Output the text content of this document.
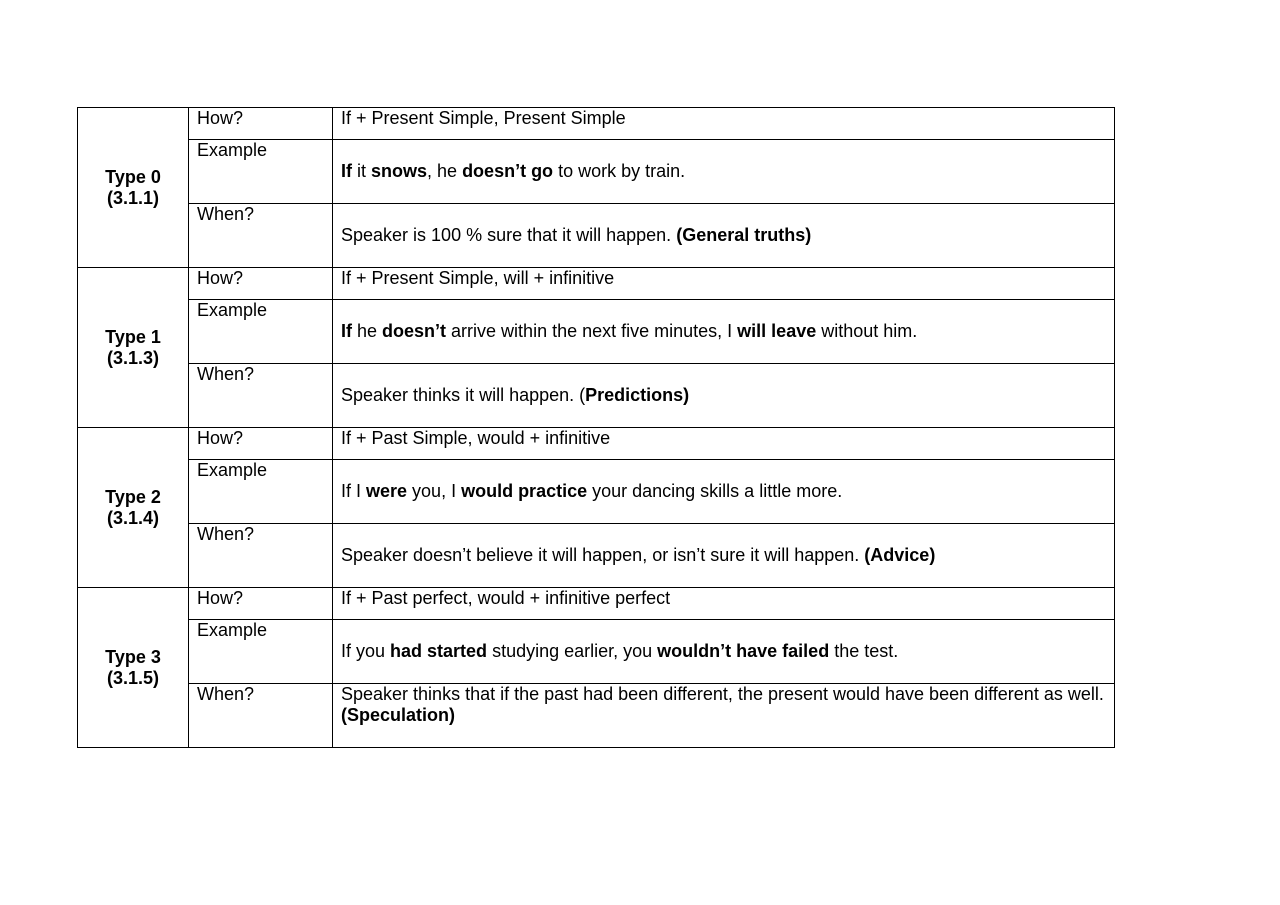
Type 0
(3.1.1)	How?	If + Present Simple, Present Simple
	Example	If it snows, he doesn’t go to work by train.
	When?	Speaker is 100 % sure that it will happen. (General truths)

Type 1
(3.1.3)	How?	If + Present Simple, will + infinitive
	Example	If he doesn’t arrive within the next five minutes, I will leave without him.
	When?	Speaker thinks it will happen. (Predictions)

Type 2
(3.1.4)	How?	If + Past Simple, would + infinitive
	Example	If I were you, I would practice your dancing skills a little more.
	When?	Speaker doesn’t believe it will happen, or isn’t sure it will happen. (Advice)

Type 3
(3.1.5)	How?	If + Past perfect, would + infinitive perfect
	Example	If you had started studying earlier, you wouldn’t have failed the test.
	When?	Speaker thinks that if the past had been different, the present would have been different as well. (Speculation)
